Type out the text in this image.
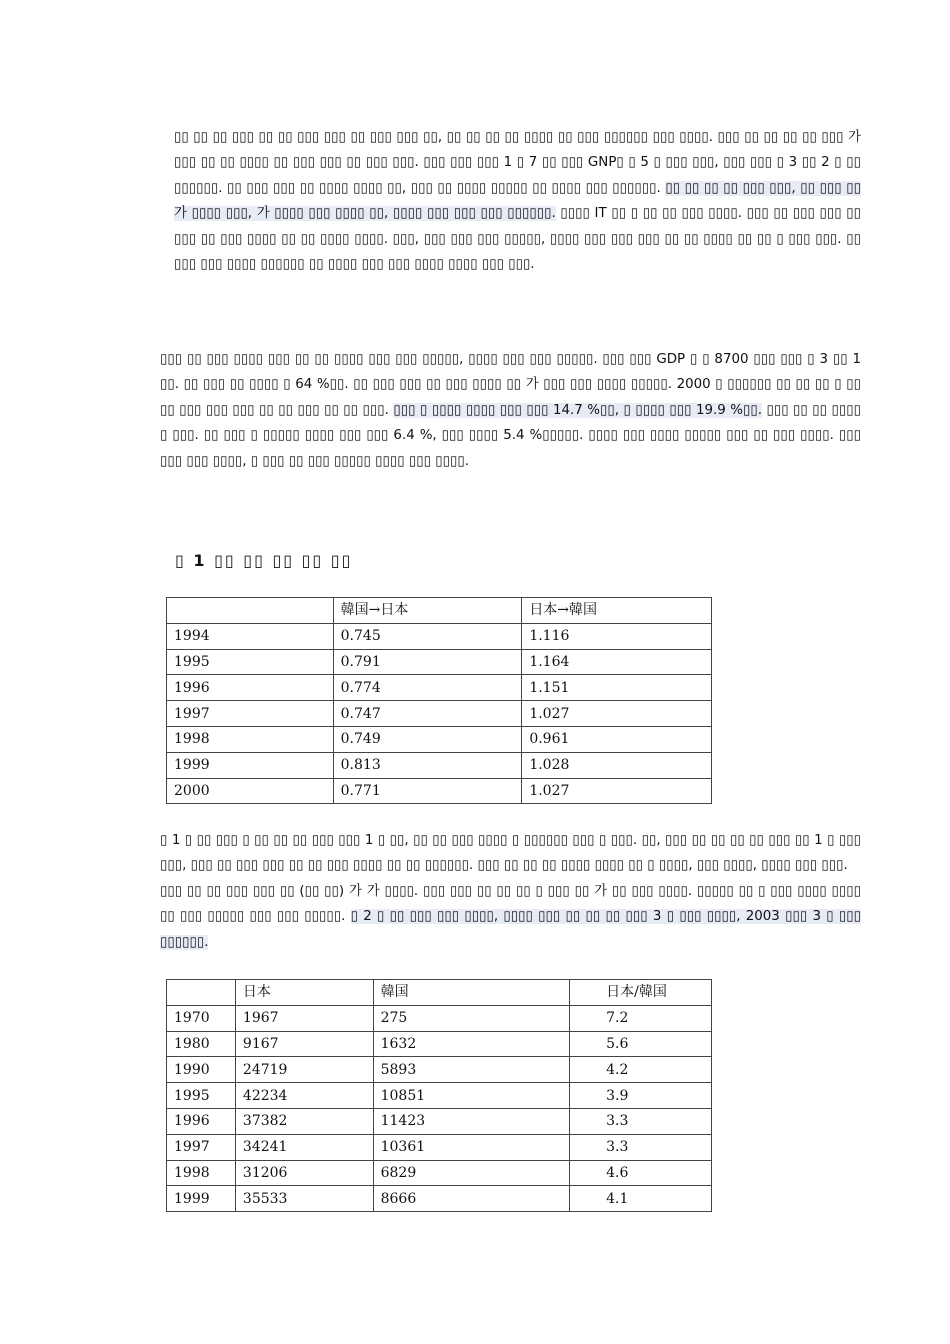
▯▯ ▯▯ ▯▯ ▯▯▯ ▯▯ ▯▯ ▯▯▯ ▯▯▯ ▯▯ ▯▯▯ ▯▯▯ ▯▯, ▯▯ ▯▯ ▯▯ ▯▯ ▯▯▯▯ ▯▯ ▯▯▯ ▯▯▯▯▯▯ ▯▯▯ ▯▯▯▯. ▯▯▯ ▯▯ ▯▯ ▯▯ ▯▯ ▯▯▯ 가 ▯▯▯ ▯▯ ▯▯ ▯▯▯▯ ▯▯ ▯▯▯ ▯▯▯ ▯▯ ▯▯▯ ▯▯▯. ▯▯▯ ▯▯▯ ▯▯▯ 1 ▯ 7 ▯▯ ▯▯▯ GNP▯ ▯ 5 ▯ ▯▯▯ ▯▯▯, ▯▯▯ ▯▯▯ ▯ 3 ▯▯ 2 ▯ ▯▯ ▯▯▯▯▯▯. ▯▯ ▯▯▯ ▯▯▯ ▯▯ ▯▯▯▯ ▯▯▯▯ ▯▯, ▯▯▯ ▯▯ ▯▯▯▯ ▯▯▯▯▯ ▯▯ ▯▯▯▯ ▯▯▯ ▯▯▯▯▯▯. ▯▯ ▯▯ ▯▯ ▯▯ ▯▯▯ ▯▯▯, ▯▯ ▯▯▯ ▯▯ 가 ▯▯▯▯ ▯▯▯, 가 ▯▯▯▯ ▯▯▯ ▯▯▯▯ ▯▯, ▯▯▯▯ ▯▯▯ ▯▯▯ ▯▯▯ ▯▯▯▯▯▯. ▯▯▯▯ IT ▯▯ ▯ ▯▯ ▯▯ ▯▯▯ ▯▯▯▯. ▯▯▯ ▯▯ ▯▯▯ ▯▯▯ ▯▯ ▯▯▯ ▯▯ ▯▯▯ ▯▯▯▯ ▯▯ ▯▯ ▯▯▯▯ ▯▯▯▯. ▯▯▯, ▯▯▯ ▯▯▯ ▯▯▯ ▯▯▯▯▯, ▯▯▯▯ ▯▯▯ ▯▯▯ ▯▯▯ ▯▯ ▯▯ ▯▯▯▯ ▯▯ ▯▯ ▯ ▯▯▯ ▯▯▯. ▯▯ ▯▯▯ ▯▯▯ ▯▯▯▯ ▯▯▯▯▯▯ ▯▯ ▯▯▯▯ ▯▯▯ ▯▯▯ ▯▯▯▯ ▯▯▯▯ ▯▯▯ ▯▯▯.

▯▯▯ ▯▯ ▯▯▯ ▯▯▯▯ ▯▯▯ ▯▯ ▯▯ ▯▯▯▯ ▯▯▯ ▯▯▯ ▯▯▯▯▯, ▯▯▯▯ ▯▯▯ ▯▯▯ ▯▯▯▯▯. ▯▯▯ ▯▯▯ GDP ▯ ▯ 8700 ▯▯▯ ▯▯▯ ▯ 3 ▯▯ 1 ▯▯. ▯▯ ▯▯▯ ▯▯ ▯▯▯▯ ▯ 64 %▯▯. ▯▯ ▯▯▯ ▯▯▯ ▯▯ ▯▯▯ ▯▯▯▯ ▯▯ 가 ▯▯▯ ▯▯▯ ▯▯▯▯ ▯▯▯▯▯. 2000 ▯ ▯▯▯▯▯▯ ▯▯ ▯▯ ▯▯ ▯ ▯▯ ▯▯ ▯▯▯ ▯▯▯ ▯▯▯ ▯▯ ▯▯ ▯▯▯ ▯▯ ▯▯ ▯▯▯. ▯▯▯ ▯ ▯▯▯▯ ▯▯▯▯ ▯▯▯ ▯▯▯ 14.7 %▯▯, ▯ ▯▯▯▯ ▯▯▯ 19.9 %▯▯. ▯▯▯ ▯▯ ▯▯ ▯▯▯▯ ▯ ▯▯▯. ▯▯ ▯▯▯ ▯ ▯▯▯▯▯ ▯▯▯▯ ▯▯▯ ▯▯▯ 6.4 %, ▯▯▯ ▯▯▯▯ 5.4 %▯▯▯▯▯. ▯▯▯▯ ▯▯▯ ▯▯▯▯ ▯▯▯▯▯ ▯▯▯ ▯▯ ▯▯▯ ▯▯▯▯. ▯▯▯ ▯▯▯ ▯▯▯ ▯▯▯▯, ▯ ▯▯▯ ▯▯ ▯▯▯ ▯▯▯▯▯ ▯▯▯▯ ▯▯▯ ▯▯▯▯.

▯ 1 ▯▯ ▯▯ ▯▯ ▯▯ ▯▯
	韓国→日本	日本→韓国
1994	0.745	1.116
1995	0.791	1.164
1996	0.774	1.151
1997	0.747	1.027
1998	0.749	0.961
1999	0.813	1.028
2000	0.771	1.027

▯ 1 ▯ ▯▯ ▯▯▯ ▯ ▯▯ ▯▯ ▯▯ ▯▯▯ ▯▯▯ 1 ▯ ▯▯, ▯▯ ▯▯ ▯▯▯ ▯▯▯▯ ▯ ▯▯▯▯▯▯ ▯▯▯ ▯ ▯▯▯. ▯▯, ▯▯▯ ▯▯ ▯▯ ▯▯ ▯▯ ▯▯▯ ▯▯ 1 ▯ ▯▯▯ ▯▯▯, ▯▯▯ ▯▯ ▯▯▯ ▯▯▯ ▯▯ ▯▯ ▯▯▯ ▯▯▯▯ ▯▯ ▯▯ ▯▯▯▯▯▯. ▯▯▯ ▯▯ ▯▯ ▯▯ ▯▯▯▯ ▯▯▯▯ ▯▯ ▯ ▯▯▯▯, ▯▯▯ ▯▯▯▯, ▯▯▯▯ ▯▯▯ ▯▯▯.
▯▯▯ ▯▯ ▯▯ ▯▯▯ ▯▯▯ ▯▯ (▯▯ ▯▯) 가 가 ▯▯▯▯. ▯▯▯ ▯▯▯ ▯▯ ▯▯ ▯▯ ▯ ▯▯▯ ▯▯ 가 ▯▯ ▯▯▯ ▯▯▯▯. ▯▯▯▯▯ ▯▯ ▯ ▯▯▯ ▯▯▯▯ ▯▯▯▯ ▯▯ ▯▯▯ ▯▯▯▯▯ ▯▯▯ ▯▯▯ ▯▯▯▯▯. ▯ 2 ▯ ▯▯ ▯▯▯ ▯▯▯ ▯▯▯▯, ▯▯▯▯ ▯▯▯ ▯▯ ▯▯ ▯▯ ▯▯▯ 3 ▯ ▯▯▯ ▯▯▯▯, 2003 ▯▯▯ 3 ▯ ▯▯▯ ▯▯▯▯▯▯.

	日本	韓国	日本/韓国
1970	1967	275	7.2
1980	9167	1632	5.6
1990	24719	5893	4.2
1995	42234	10851	3.9
1996	37382	11423	3.3
1997	34241	10361	3.3
1998	31206	6829	4.6
1999	35533	8666	4.1
